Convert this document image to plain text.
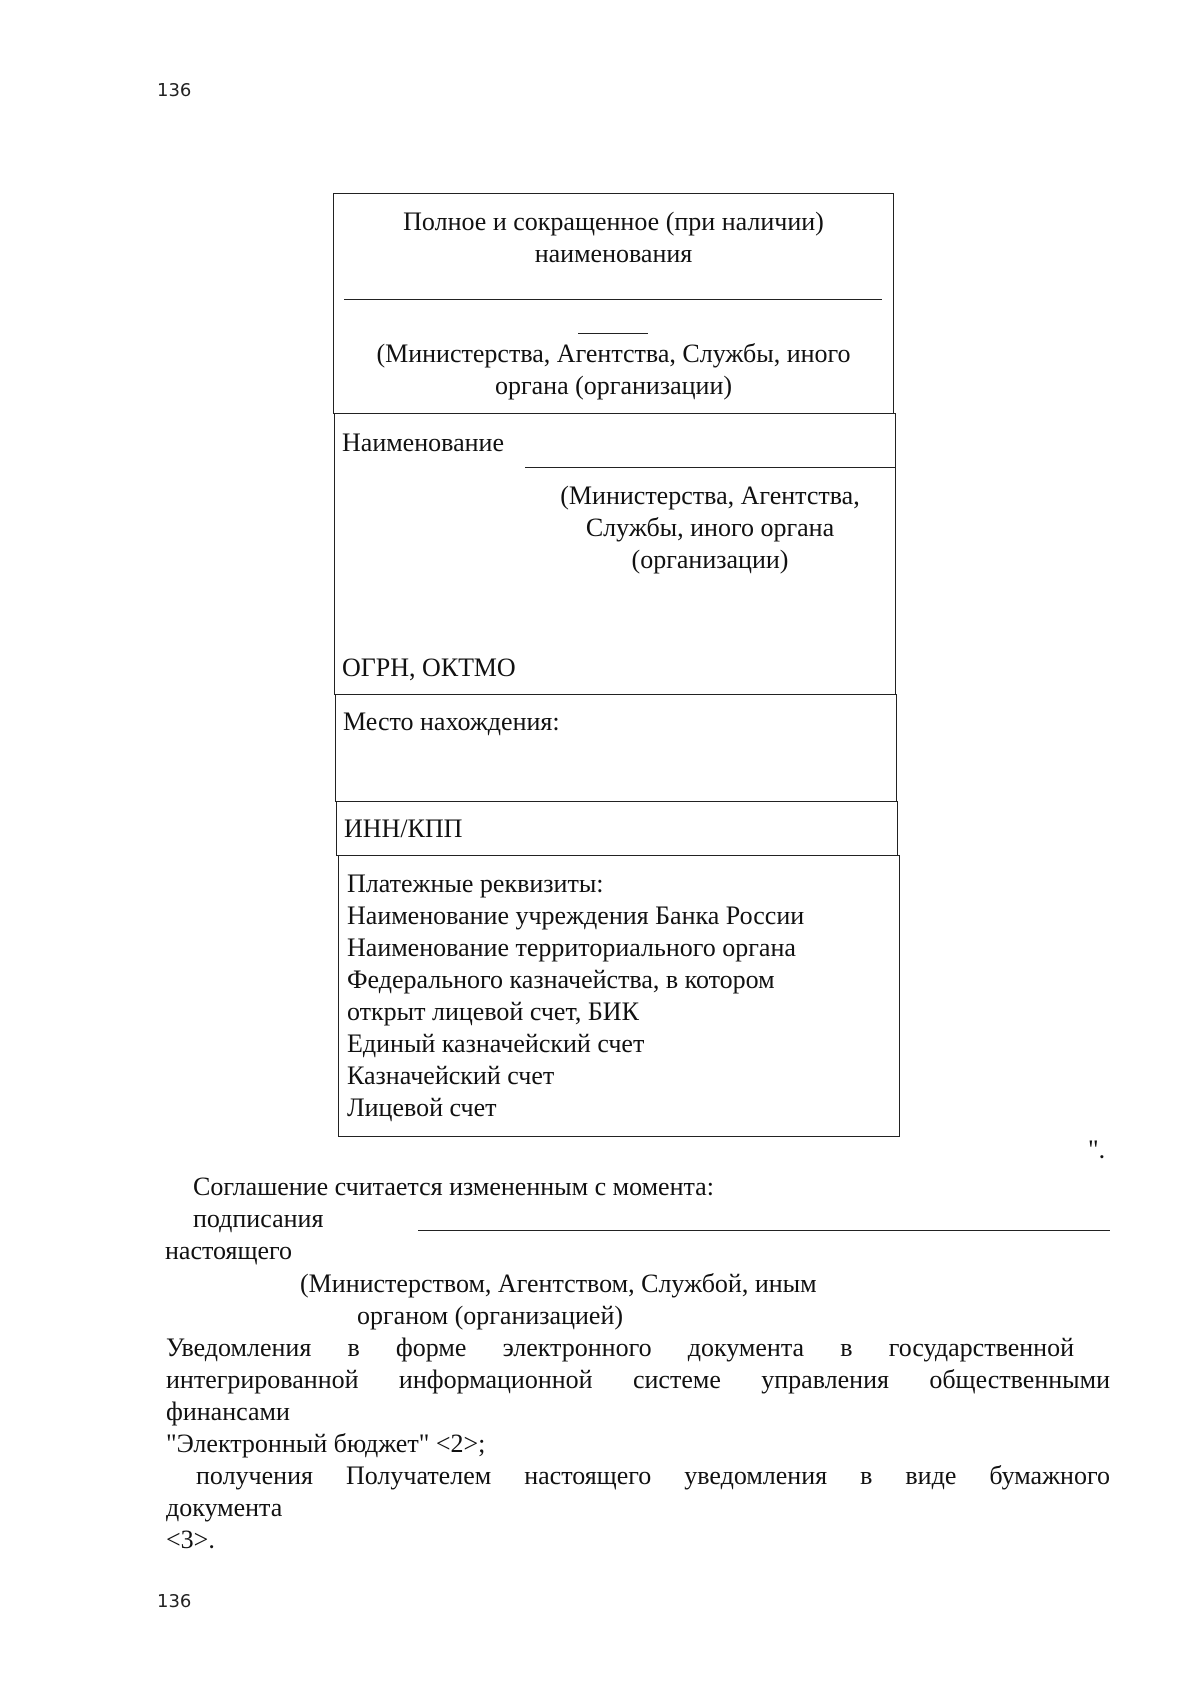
136
Полное и сокращенное (при наличии)
наименования
(Министерства, Агентства, Службы, иного
органа (организации)
Наименование
(Министерства, Агентства,
Службы, иного органа
(организации)
ОГРН, ОКТМО
Место нахождения:
ИНН/КПП
Платежные реквизиты:
Наименование учреждения Банка России
Наименование территориального органа
Федерального казначейства, в котором
открыт лицевой счет, БИК
Единый казначейский счет
Казначейский счет
Лицевой счет
".
Соглашение считается измененным с момента:
подписания
настоящего
(Министерством, Агентством, Службой, иным
органом (организацией)
Уведомления в форме электронного документа в государственной
интегрированной информационной системе управления общественными
финансами
"Электронный бюджет" <2>;
получения Получателем настоящего уведомления в виде бумажного
документа
<3>.
136
